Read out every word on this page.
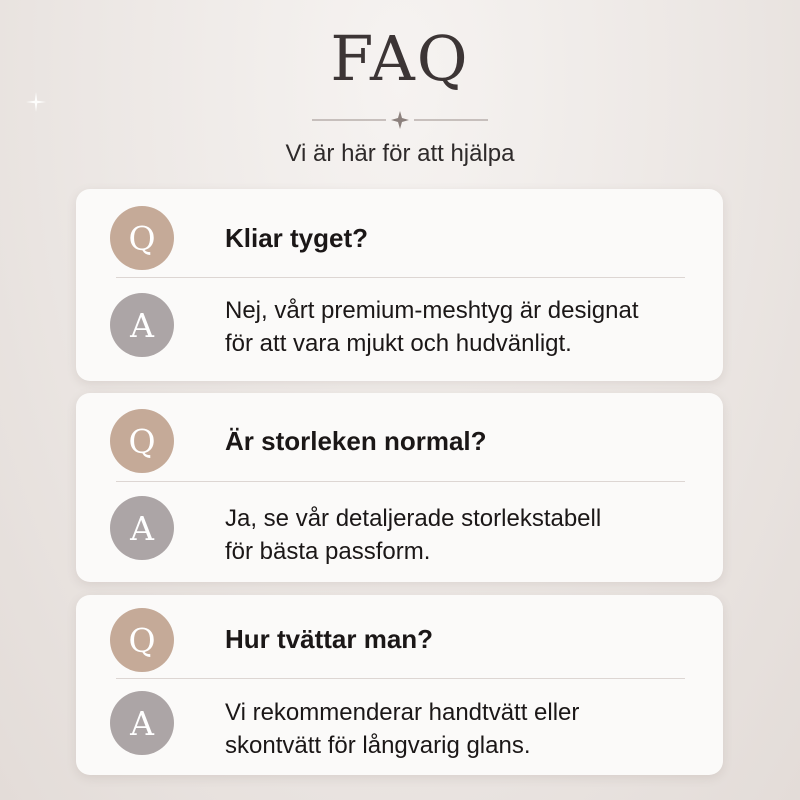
FAQ
Vi är här för att hjälpa
Q	Kliar tyget?
A	Nej, vårt premium-meshtyg är designat
för att vara mjukt och hudvänligt.
Q	Är storleken normal?
A	Ja, se vår detaljerade storlekstabell
för bästa passform.
Q	Hur tvättar man?
A	Vi rekommenderar handtvätt eller
skontvätt för långvarig glans.
